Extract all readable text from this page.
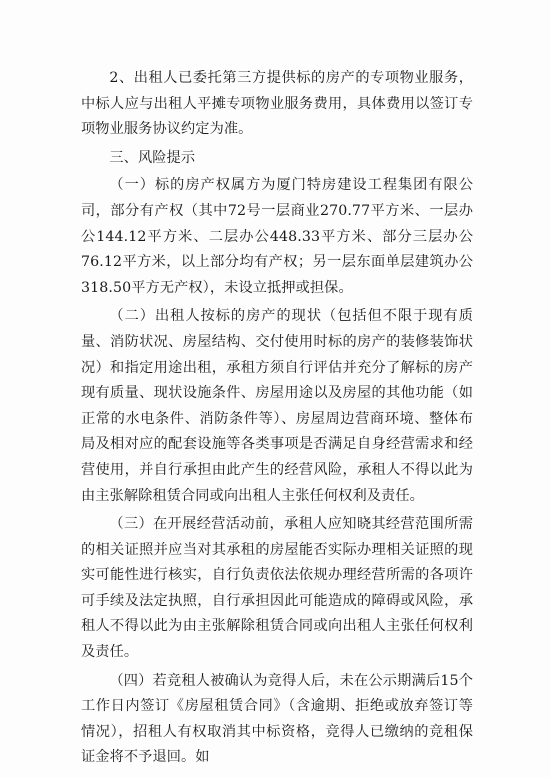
2、出租人已委托第三方提供标的房产的专项物业服务，中标人应与出租人平摊专项物业服务费用，具体费用以签订专项物业服务协议约定为准。

三、风险提示

（一）标的房产权属方为厦门特房建设工程集团有限公司，部分有产权（其中72号一层商业270.77平方米、一层办公144.12平方米、二层办公448.33平方米、部分三层办公76.12平方米，以上部分均有产权；另一层东面单层建筑办公318.50平方无产权），未设立抵押或担保。

（二）出租人按标的房产的现状（包括但不限于现有质量、消防状况、房屋结构、交付使用时标的房产的装修装饰状况）和指定用途出租，承租方须自行评估并充分了解标的房产现有质量、现状设施条件、房屋用途以及房屋的其他功能（如正常的水电条件、消防条件等）、房屋周边营商环境、整体布局及相对应的配套设施等各类事项是否满足自身经营需求和经营使用，并自行承担由此产生的经营风险，承租人不得以此为由主张解除租赁合同或向出租人主张任何权利及责任。

（三）在开展经营活动前，承租人应知晓其经营范围所需的相关证照并应当对其承租的房屋能否实际办理相关证照的现实可能性进行核实，自行负责依法依规办理经营所需的各项许可手续及法定执照，自行承担因此可能造成的障碍或风险，承租人不得以此为由主张解除租赁合同或向出租人主张任何权利及责任。

（四）若竞租人被确认为竞得人后，未在公示期满后15个工作日内签订《房屋租赁合同》（含逾期、拒绝或放弃签订等情况），招租人有权取消其中标资格，竞得人已缴纳的竞租保证金将不予退回。如
